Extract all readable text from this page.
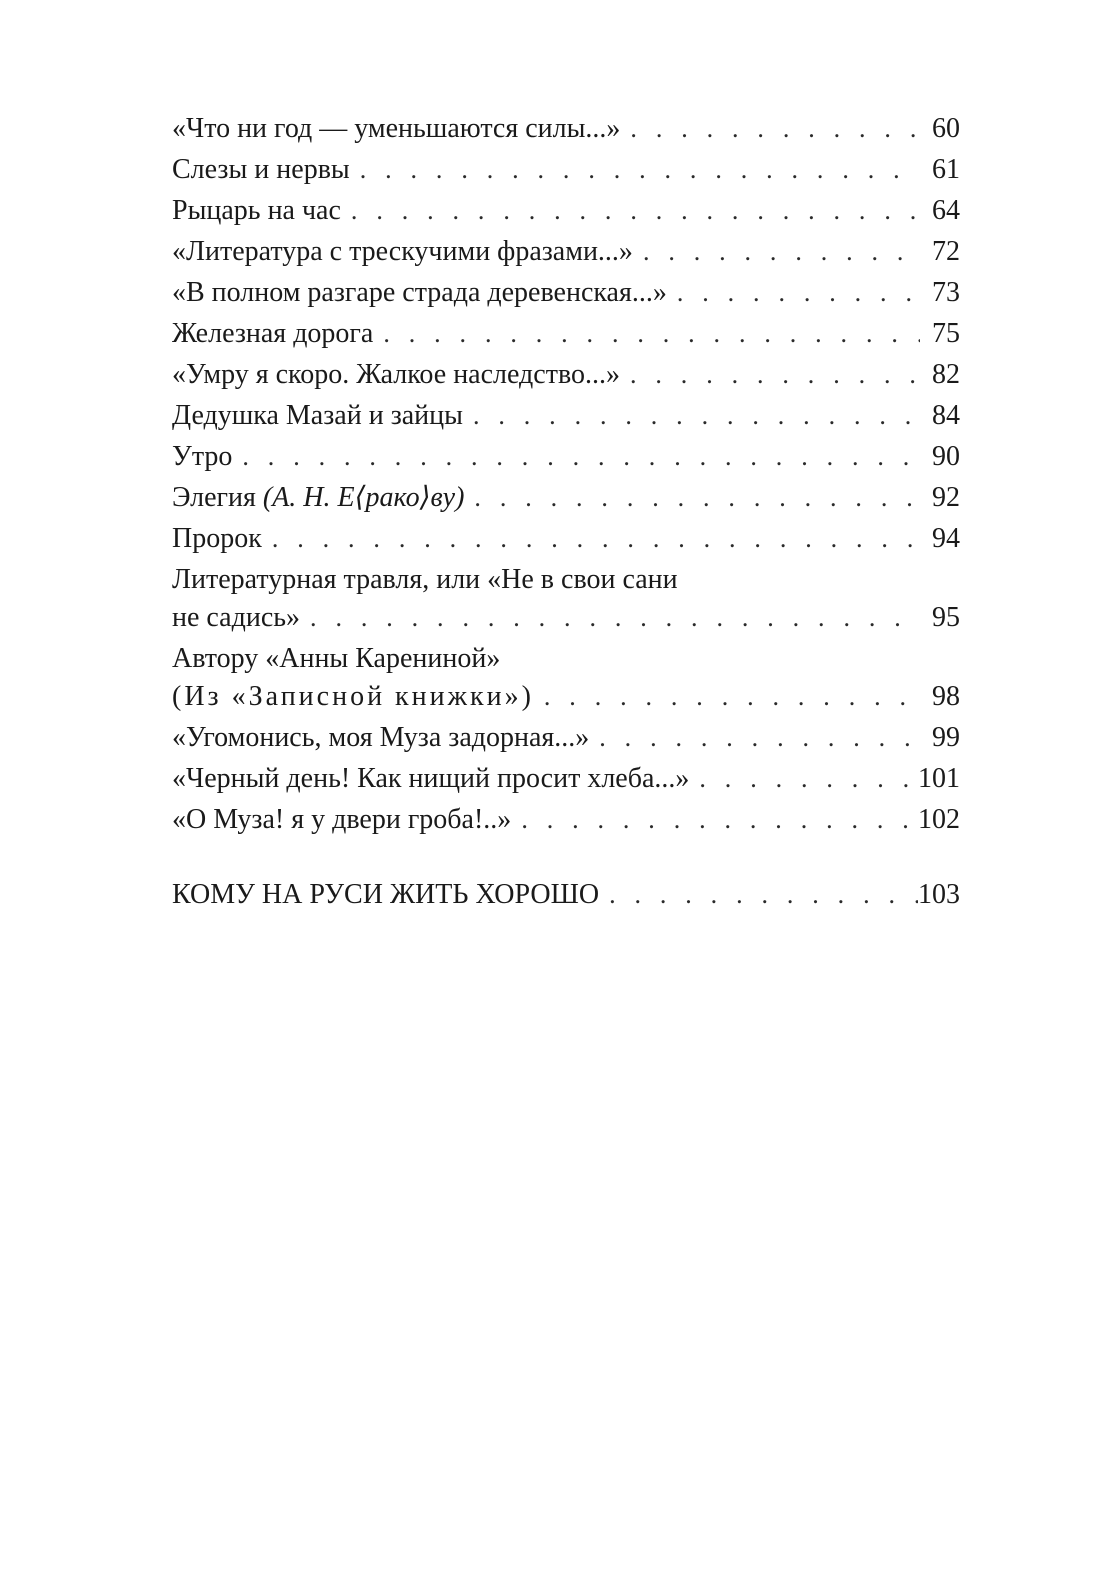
«Что ни год — уменьшаются силы...» . . .	60
Слезы и нервы . . .	61
Рыцарь на час . . .	64
«Литература с трескучими фразами...» . . .	72
«В полном разгаре страда деревенская...» . . .	73
Железная дорога . . .	75
«Умру я скоро. Жалкое наследство...» . . .	82
Дедушка Мазай и зайцы . . .	84
Утро . . .	90
Элегия (А. Н. Е⟨рако⟩ву) . . .	92
Пророк . . .	94
Литературная травля, или «Не в свои сани
не садись» . . .	95
Автору «Анны Карениной»
(Из «Записной книжки») . . .	98
«Угомонись, моя Муза задорная...» . . .	99
«Черный день! Как нищий просит хлеба...» . . .	101
«О Муза! я у двери гроба!..» . . .	102
КОМУ НА РУСИ ЖИТЬ ХОРОШО . . .	103
